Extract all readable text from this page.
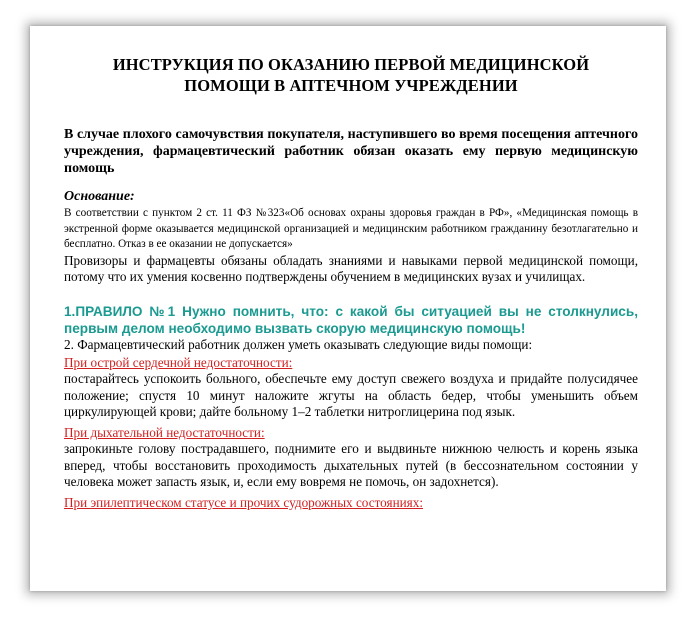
ИНСТРУКЦИЯ ПО ОКАЗАНИЮ ПЕРВОЙ МЕДИЦИНСКОЙ
ПОМОЩИ В АПТЕЧНОМ УЧРЕЖДЕНИИ
В случае плохого самочувствия покупателя, наступившего во время посещения аптечного учреждения, фармацевтический работник обязан оказать ему первую медицинскую помощь
Основание:
В соответствии с пунктом 2 ст. 11 ФЗ №323«Об основах охраны здоровья граждан в РФ», «Медицинская помощь в экстренной форме оказывается медицинской организацией и медицинским работником гражданину безотлагательно и бесплатно. Отказ в ее оказании не допускается»
Провизоры и фармацевты обязаны обладать знаниями и навыками первой медицинской помощи, потому что их умения косвенно подтверждены обучением в медицинских вузах и училищах.
1.ПРАВИЛО №1 Нужно помнить, что: с какой бы ситуацией вы не столкнулись, первым делом необходимо вызвать скорую медицинскую помощь!
2. Фармацевтический работник должен уметь оказывать следующие виды помощи:
При острой сердечной недостаточности:
постарайтесь успокоить больного, обеспечьте ему доступ свежего воздуха и придайте полусидячее положение; спустя 10 минут наложите жгуты на область бедер, чтобы уменьшить объем циркулирующей крови; дайте больному 1–2 таблетки нитроглицерина под язык.
При дыхательной недостаточности:
запрокиньте голову пострадавшего, поднимите его и выдвиньте нижнюю челюсть и корень языка вперед, чтобы восстановить проходимость дыхательных путей (в бессознательном состоянии у человека может запасть язык, и, если ему вовремя не помочь, он задохнется).
При эпилептическом статусе и прочих судорожных состояниях:
